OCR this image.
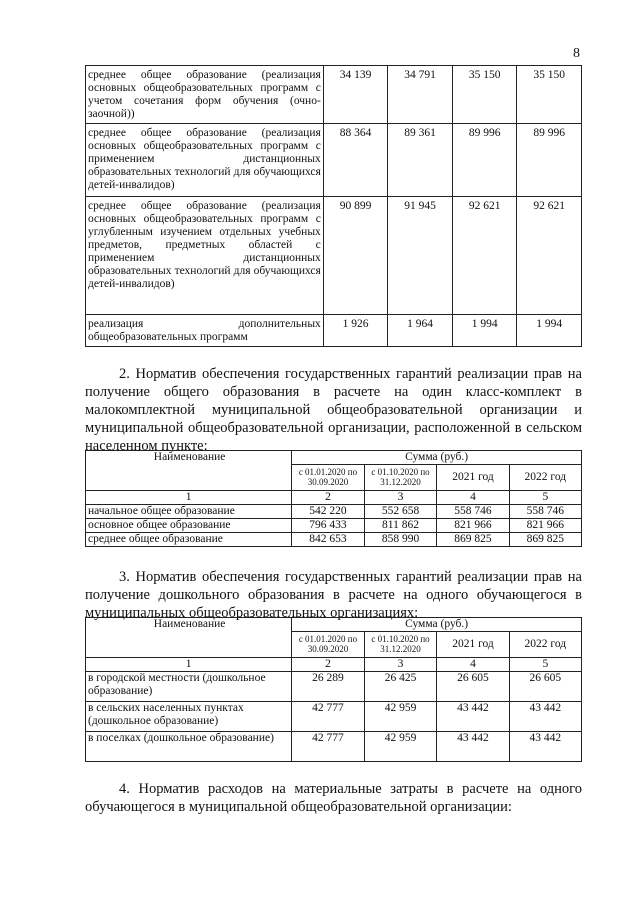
8
среднее общее образование (реализация основных общеобразовательных программ с учетом сочетания форм обучения (очно-заочной))	34 139	34 791	35 150	35 150
среднее общее образование (реализация основных общеобразовательных программ с применением дистанционных образовательных технологий для обучающихся детей-инвалидов)	88 364	89 361	89 996	89 996
среднее общее образование (реализация основных общеобразовательных программ с углубленным изучением отдельных учебных предметов, предметных областей с применением дистанционных образовательных технологий для обучающихся детей-инвалидов)	90 899	91 945	92 621	92 621
реализация дополнительных общеобразовательных программ	1 926	1 964	1 994	1 994
2. Норматив обеспечения государственных гарантий реализации прав на получение общего образования в расчете на один класс-комплект в малокомплектной муниципальной общеобразовательной организации и муниципальной общеобразовательной организации, расположенной в сельском населенном пункте:
Наименование	Сумма (руб.)			
	с 01.01.2020 по 30.09.2020	с 01.10.2020 по 31.12.2020	2021 год	2022 год
1	2	3	4	5
начальное общее образование	542 220	552 658	558 746	558 746
основное общее образование	796 433	811 862	821 966	821 966
среднее общее образование	842 653	858 990	869 825	869 825
3. Норматив обеспечения государственных гарантий реализации прав на получение дошкольного образования в расчете на одного обучающегося в муниципальных общеобразовательных организациях:
Наименование	Сумма (руб.)			
	с 01.01.2020 по 30.09.2020	с 01.10.2020 по 31.12.2020	2021 год	2022 год
1	2	3	4	5
в городской местности (дошкольное образование)	26 289	26 425	26 605	26 605
в сельских населенных пунктах (дошкольное образование)	42 777	42 959	43 442	43 442
в поселках (дошкольное образование)	42 777	42 959	43 442	43 442
4. Норматив расходов на материальные затраты в расчете на одного обучающегося в муниципальной общеобразовательной организации:
